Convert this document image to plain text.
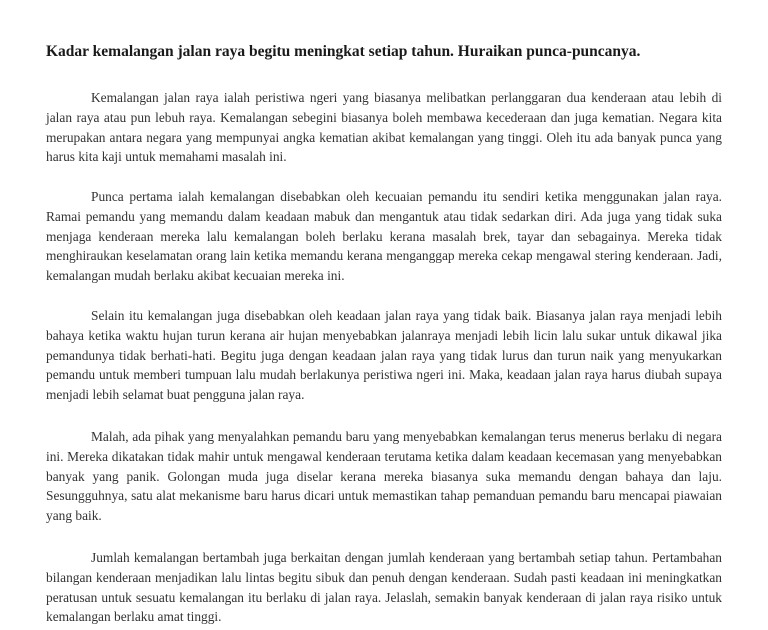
Kadar kemalangan jalan raya begitu meningkat setiap tahun. Huraikan punca-puncanya.

Kemalangan jalan raya ialah peristiwa ngeri yang biasanya melibatkan perlanggaran dua kenderaan atau lebih di jalan raya atau pun lebuh raya. Kemalangan sebegini biasanya boleh membawa kecederaan dan juga kematian. Negara kita merupakan antara negara yang mempunyai angka kematian akibat kemalangan yang tinggi. Oleh itu ada banyak punca yang harus kita kaji untuk memahami masalah ini.

Punca pertama ialah kemalangan disebabkan oleh kecuaian pemandu itu sendiri ketika menggunakan jalan raya. Ramai pemandu yang memandu dalam keadaan mabuk dan mengantuk atau tidak sedarkan diri. Ada juga yang tidak suka menjaga kenderaan mereka lalu kemalangan boleh berlaku kerana masalah brek, tayar dan sebagainya. Mereka tidak menghiraukan keselamatan orang lain ketika memandu kerana menganggap mereka cekap mengawal stering kenderaan. Jadi, kemalangan mudah berlaku akibat kecuaian mereka ini.

Selain itu kemalangan juga disebabkan oleh keadaan jalan raya yang tidak baik. Biasanya jalan raya menjadi lebih bahaya ketika waktu hujan turun kerana air hujan menyebabkan jalanraya menjadi lebih licin lalu sukar untuk dikawal jika pemandunya tidak berhati-hati. Begitu juga dengan keadaan jalan raya yang tidak lurus dan turun naik yang menyukarkan pemandu untuk memberi tumpuan lalu mudah berlakunya peristiwa ngeri ini. Maka, keadaan jalan raya harus diubah supaya menjadi lebih selamat buat pengguna jalan raya.

Malah, ada pihak yang menyalahkan pemandu baru yang menyebabkan kemalangan terus menerus berlaku di negara ini. Mereka dikatakan tidak mahir untuk mengawal kenderaan terutama ketika dalam keadaan kecemasan yang menyebabkan banyak yang panik. Golongan muda juga diselar kerana mereka biasanya suka memandu dengan bahaya dan laju. Sesungguhnya, satu alat mekanisme baru harus dicari untuk memastikan tahap pemanduan pemandu baru mencapai piawaian yang baik.

Jumlah kemalangan bertambah juga berkaitan dengan jumlah kenderaan yang bertambah setiap tahun. Pertambahan bilangan kenderaan menjadikan lalu lintas begitu sibuk dan penuh dengan kenderaan. Sudah pasti keadaan ini meningkatkan peratusan untuk sesuatu kemalangan itu berlaku di jalan raya. Jelaslah, semakin banyak kenderaan di jalan raya risiko untuk kemalangan berlaku amat tinggi.
